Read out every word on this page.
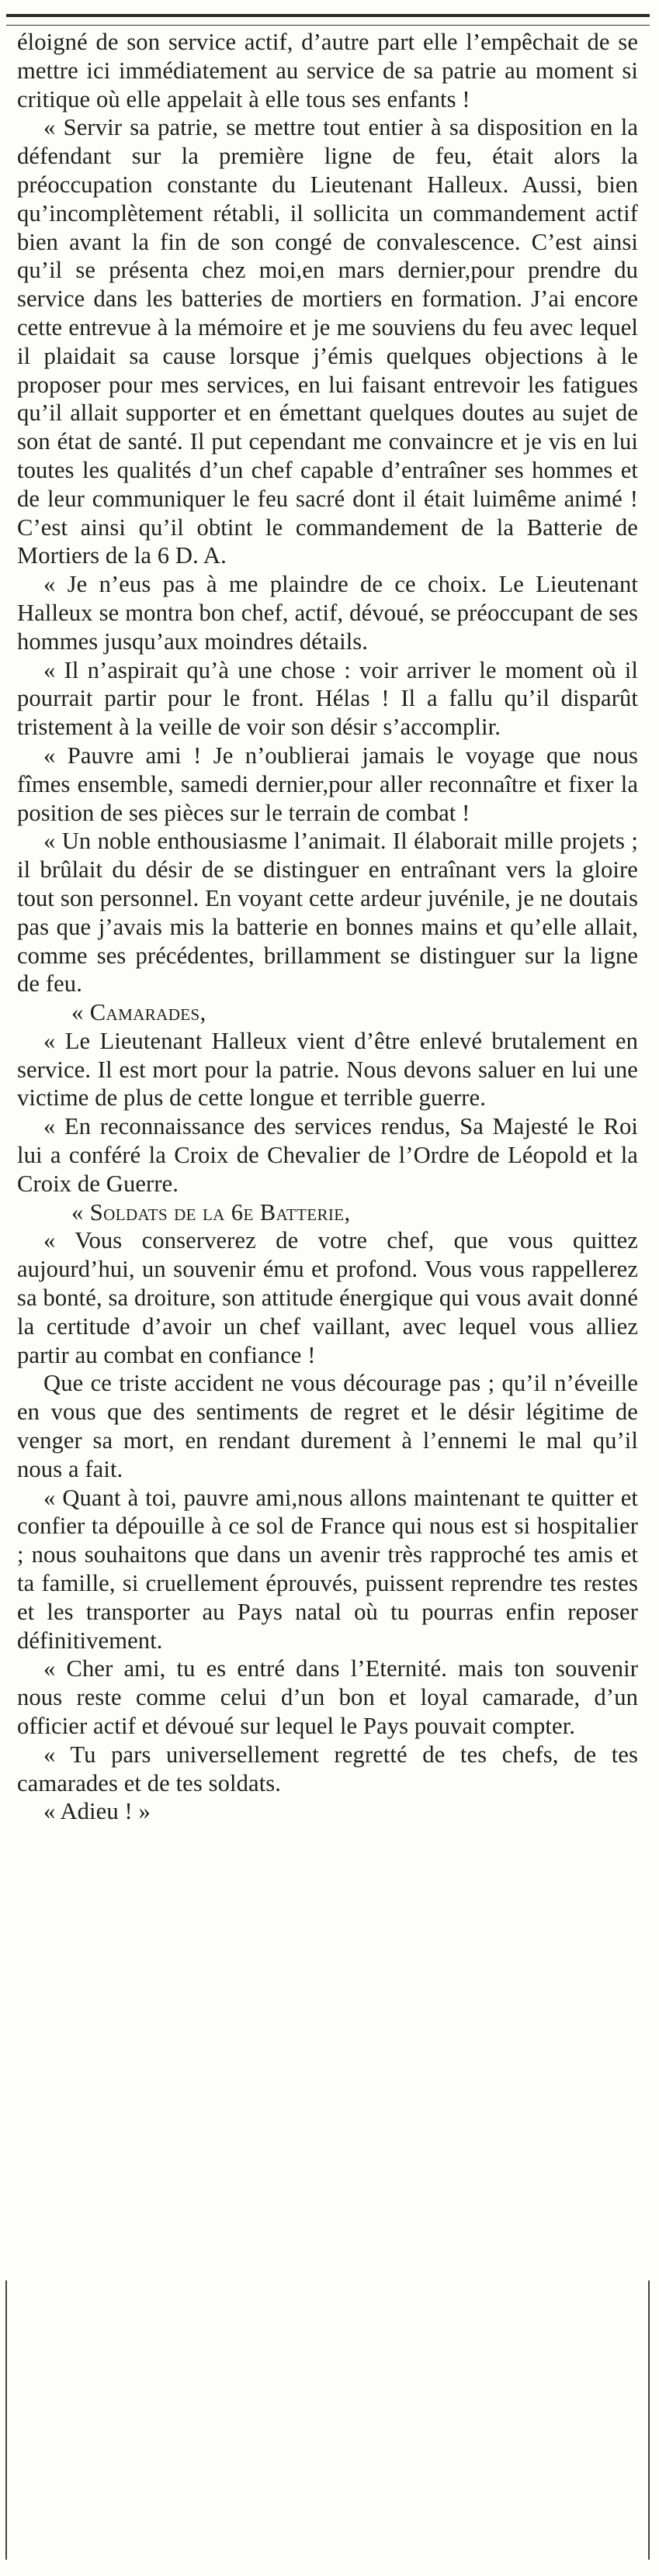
éloigné de son service actif, d’autre part elle l’empêchait de se mettre ici immédiatement au service de sa patrie au moment si critique où elle appelait à elle tous ses enfants !

« Servir sa patrie, se mettre tout entier à sa disposition en la défendant sur la première ligne de feu, était alors la préoccupation constante du Lieutenant Halleux. Aussi, bien qu’incomplètement rétabli, il sollicita un commandement actif bien avant la fin de son congé de convalescence. C’est ainsi qu’il se présenta chez moi,en mars dernier,pour prendre du service dans les batteries de mortiers en formation. J’ai encore cette entrevue à la mémoire et je me souviens du feu avec lequel il plaidait sa cause lorsque j’émis quelques objections à le proposer pour mes services, en lui faisant entrevoir les fatigues qu’il allait supporter et en émettant quelques doutes au sujet de son état de santé. Il put cependant me convaincre et je vis en lui toutes les qualités d’un chef capable d’entraîner ses hommes et de leur communiquer le feu sacré dont il était luimême animé ! C’est ainsi qu’il obtint le commandement de la Batterie de Mortiers de la 6 D. A.

« Je n’eus pas à me plaindre de ce choix. Le Lieutenant Halleux se montra bon chef, actif, dévoué, se préoccupant de ses hommes jusqu’aux moindres détails.

« Il n’aspirait qu’à une chose : voir arriver le moment où il pourrait partir pour le front. Hélas ! Il a fallu qu’il disparût tristement à la veille de voir son désir s’accomplir.

« Pauvre ami ! Je n’oublierai jamais le voyage que nous fîmes ensemble, samedi dernier,pour aller reconnaître et fixer la position de ses pièces sur le terrain de combat !

« Un noble enthousiasme l’animait. Il élaborait mille projets ; il brûlait du désir de se distinguer en entraînant vers la gloire tout son personnel. En voyant cette ardeur juvénile, je ne doutais pas que j’avais mis la batterie en bonnes mains et qu’elle allait, comme ses précédentes, brillamment se distinguer sur la ligne de feu.

« Camarades,

« Le Lieutenant Halleux vient d’être enlevé brutalement en service. Il est mort pour la patrie. Nous devons saluer en lui une victime de plus de cette longue et terrible guerre.

« En reconnaissance des services rendus, Sa Majesté le Roi lui a conféré la Croix de Chevalier de l’Ordre de Léopold et la Croix de Guerre.

« Soldats de la 6e Batterie,

« Vous conserverez de votre chef, que vous quittez aujourd’hui, un souvenir ému et profond. Vous vous rappellerez sa bonté, sa droiture, son attitude énergique qui vous avait donné la certitude d’avoir un chef vaillant, avec lequel vous alliez partir au combat en confiance !

Que ce triste accident ne vous décourage pas ; qu’il n’éveille en vous que des sentiments de regret et le désir légitime de venger sa mort, en rendant durement à l’ennemi le mal qu’il nous a fait.

« Quant à toi, pauvre ami,nous allons maintenant te quitter et confier ta dépouille à ce sol de France qui nous est si hospitalier ; nous souhaitons que dans un avenir très rapproché tes amis et ta famille, si cruellement éprouvés, puissent reprendre tes restes et les transporter au Pays natal où tu pourras enfin reposer définitivement.

« Cher ami, tu es entré dans l’Eternité. mais ton souvenir nous reste comme celui d’un bon et loyal camarade, d’un officier actif et dévoué sur lequel le Pays pouvait compter.

« Tu pars universellement regretté de tes chefs, de tes camarades et de tes soldats.

« Adieu ! »
